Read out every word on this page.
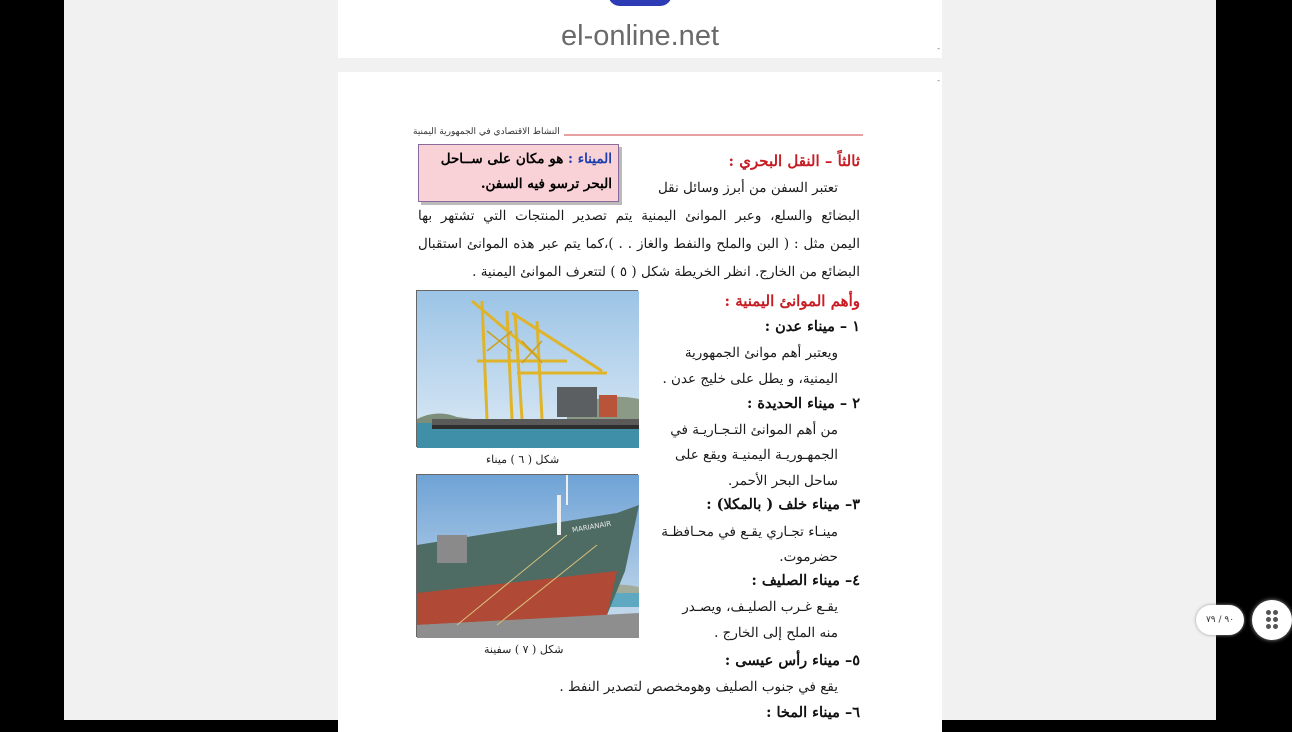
el-online.net	-
-
النشاط الاقتصادي في الجمهورية اليمنية
الميناء : هو مكان على ســاحل
البحر ترسو فيه السفن.
ثالثاً – النقل البحري :
تعتبر السفن من أبرز وسائل نقل
البضائع والسلع، وعبر الموانئ اليمنية يتم تصدير المنتجات التي تشتهر بها
اليمن مثل : ( البن والملح والنفط والغاز . . )،كما يتم عبر هذه الموانئ استقبال
البضائع من الخارج. انظر الخريطة شكل ( ٥ ) لتتعرف الموانئ اليمنية .
وأهم الموانئ اليمنية :
١ – ميناء عدن :
ويعتبر أهم موانئ الجمهورية
اليمنية، و يطل على خليج عدن .
٢ – ميناء الحديدة :
من أهم الموانئ التـجـاريـة في
الجمهـوريـة اليمنيـة ويقع على
ساحل البحر الأحمر.
٣– ميناء خلف ( بالمكلا) :
مينـاء تجـاري يقـع في محـافظـة
حضرموت.
٤– ميناء الصليف :
يقـع غـرب الصليـف، ويصـدر
منه الملح إلى الخارج .
٥– ميناء رأس عيسى :
يقع في جنوب الصليف وهومخصص لتصدير النفط .
٦– ميناء المخا :
شكل ( ٦ ) ميناء
MARIANAIR
شكل ( ٧ ) سفينة
٩٠ / ٧٩
